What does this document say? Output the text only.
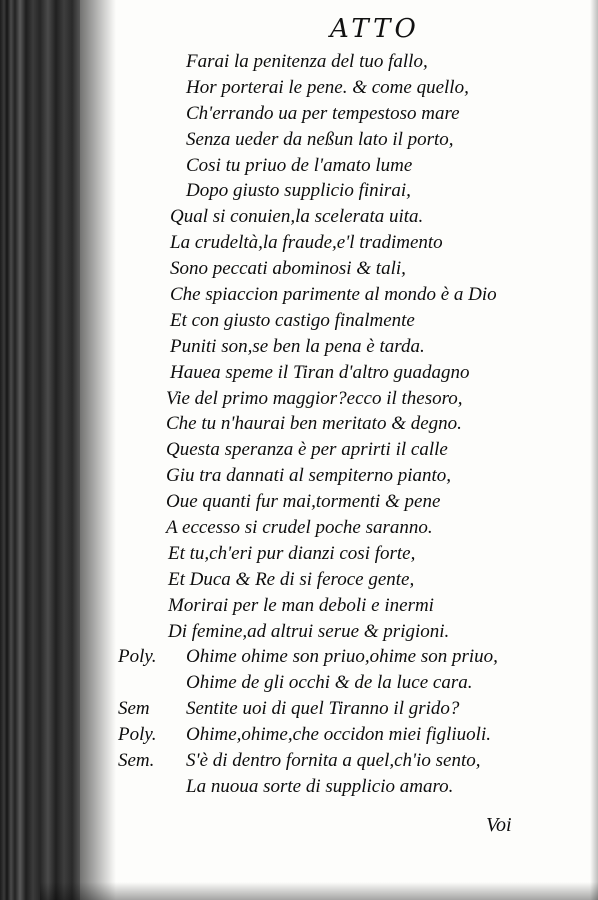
ATTO
Farai la penitenza del tuo fallo,
Hor porterai le pene. & come quello,
Ch'errando ua per tempestoso mare
Senza ueder da neßun lato il porto,
Cosi tu priuo de l'amato lume
Dopo giusto supplicio finirai,
Qual si conuien,la scelerata uita.
La crudeltà,la fraude,e'l tradimento
Sono peccati abominosi & tali,
Che spiaccion parimente al mondo è a Dio
Et con giusto castigo finalmente
Puniti son,se ben la pena è tarda.
Hauea speme il Tiran d'altro guadagno
Vie del primo maggior?ecco il thesoro,
Che tu n'haurai ben meritato & degno.
Questa speranza è per aprirti il calle
Giu tra dannati al sempiterno pianto,
Oue quanti fur mai,tormenti & pene
A eccesso si crudel poche saranno.
Et tu,ch'eri pur dianzi cosi forte,
Et Duca & Re di si feroce gente,
Morirai per le man deboli e inermi
Di femine,ad altrui serue & prigioni.
Poly.	Ohime ohime son priuo,ohime son priuo,
Ohime de gli occhi & de la luce cara.
Sem	Sentite uoi di quel Tiranno il grido?
Poly.	Ohime,ohime,che occidon miei figliuoli.
Sem.	S'è di dentro fornita a quel,ch'io sento,
La nuoua sorte di supplicio amaro.
Voi
